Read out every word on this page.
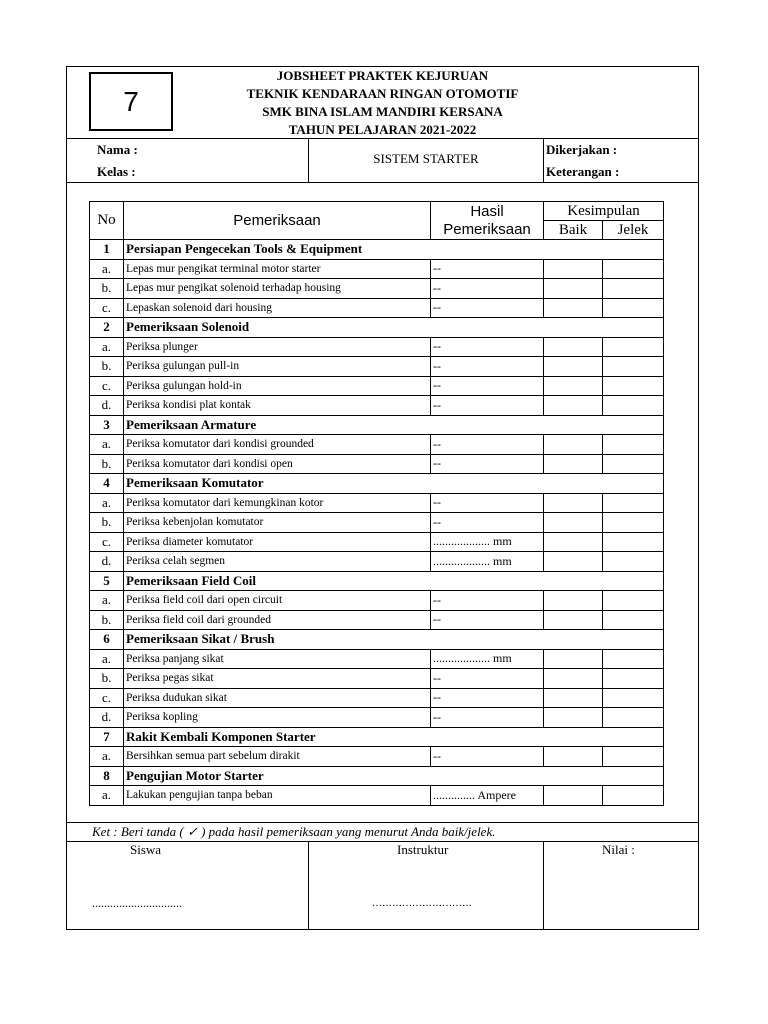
7
JOBSHEET PRAKTEK KEJURUAN
TEKNIK KENDARAAN RINGAN OTOMOTIF
SMK BINA ISLAM MANDIRI KERSANA
TAHUN PELAJARAN 2021-2022
Nama :
Kelas :
SISTEM STARTER
Dikerjakan :
Keterangan :
No	Pemeriksaan	Hasil	Kesimpulan	
		Pemeriksaan	Baik	Jelek
1	Persiapan Pengecekan Tools & Equipment			
a.	Lepas mur pengikat terminal motor starter	--		
b.	Lepas mur pengikat solenoid terhadap housing	--		
c.	Lepaskan solenoid dari housing	--		
2	Pemeriksaan Solenoid			
a.	Periksa plunger	--		
b.	Periksa gulungan pull-in	--		
c.	Periksa gulungan hold-in	--		
d.	Periksa kondisi plat kontak	--		
3	Pemeriksaan Armature			
a.	Periksa komutator dari kondisi grounded	--		
b.	Periksa komutator dari kondisi open	--		
4	Pemeriksaan Komutator			
a.	Periksa komutator dari kemungkinan kotor	--		
b.	Periksa kebenjolan komutator	--		
c.	Periksa diameter komutator	................... mm		
d.	Periksa celah segmen	................... mm		
5	Pemeriksaan Field Coil			
a.	Periksa field coil dari open circuit	--		
b.	Periksa field coil dari grounded	--		
6	Pemeriksaan Sikat / Brush			
a.	Periksa panjang sikat	................... mm		
b.	Periksa pegas sikat	--		
c.	Periksa dudukan sikat	--		
d.	Periksa kopling	--		
7	Rakit Kembali Komponen Starter			
a.	Bersihkan semua part sebelum dirakit	--		
8	Pengujian Motor Starter			
a.	Lakukan pengujian tanpa beban	.............. Ampere		
Ket : Beri tanda ( ✓ ) pada hasil pemeriksaan yang menurut Anda baik/jelek.
Siswa	Instruktur	Nilai :
..............................	…………………………
